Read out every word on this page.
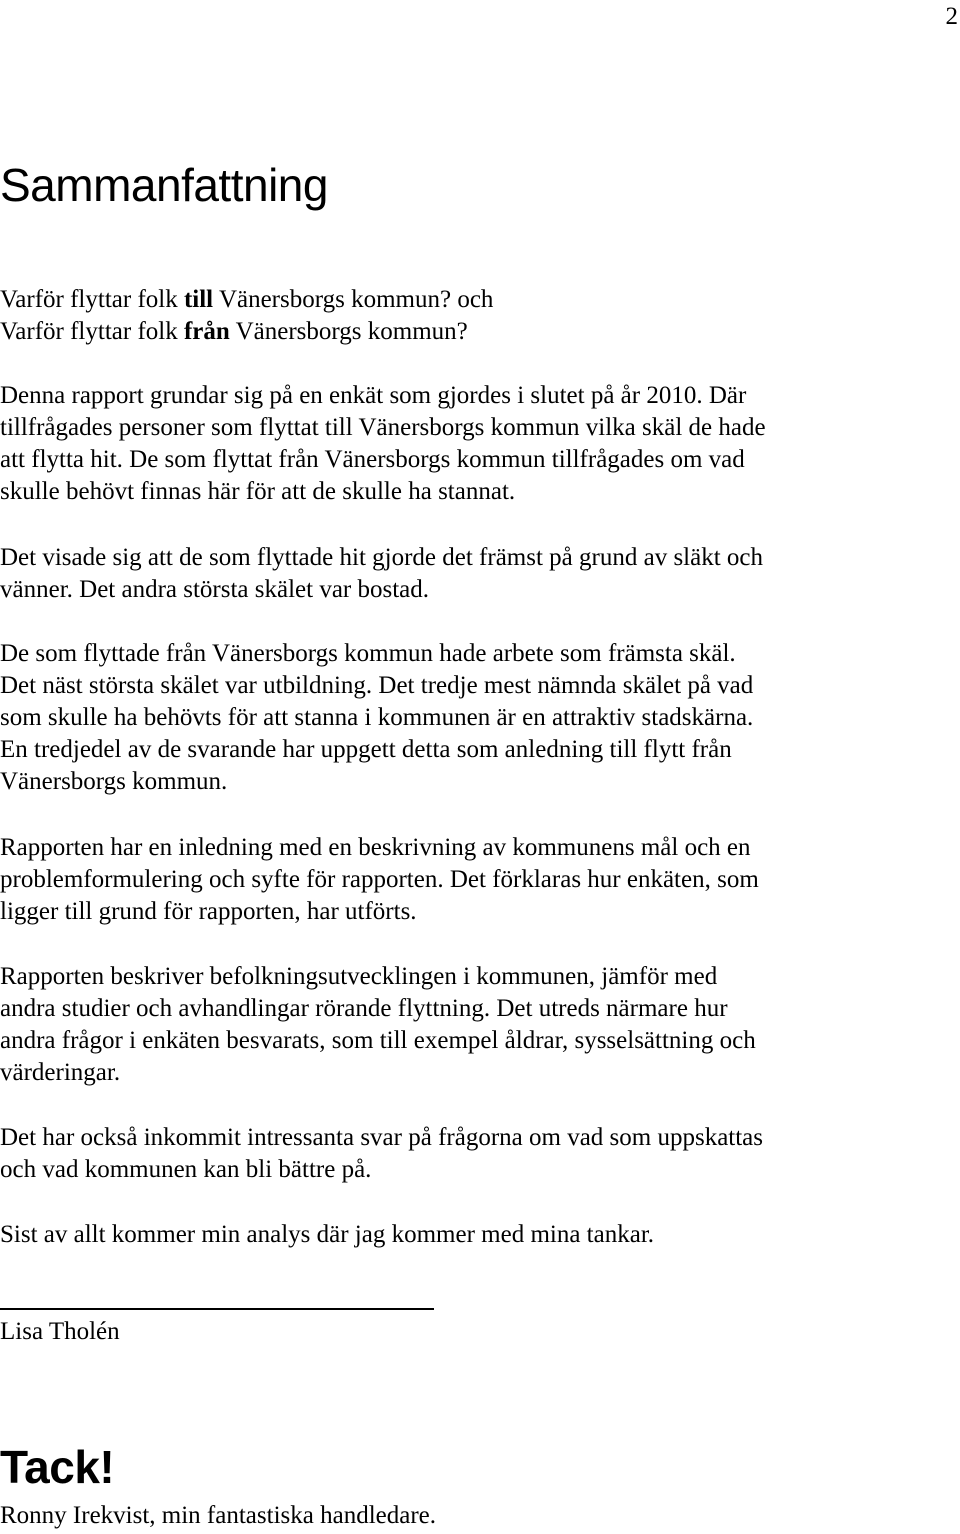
2
Sammanfattning
Varför flyttar folk till Vänersborgs kommun? och
Varför flyttar folk från Vänersborgs kommun?
Denna rapport grundar sig på en enkät som gjordes i slutet på år 2010. Där
tillfrågades personer som flyttat till Vänersborgs kommun vilka skäl de hade
att flytta hit. De som flyttat från Vänersborgs kommun tillfrågades om vad
skulle behövt finnas här för att de skulle ha stannat.
Det visade sig att de som flyttade hit gjorde det främst på grund av släkt och
vänner. Det andra största skälet var bostad.
De som flyttade från Vänersborgs kommun hade arbete som främsta skäl.
Det näst största skälet var utbildning. Det tredje mest nämnda skälet på vad
som skulle ha behövts för att stanna i kommunen är en attraktiv stadskärna.
En tredjedel av de svarande har uppgett detta som anledning till flytt från
Vänersborgs kommun.
Rapporten har en inledning med en beskrivning av kommunens mål och en
problemformulering och syfte för rapporten. Det förklaras hur enkäten, som
ligger till grund för rapporten, har utförts.
Rapporten beskriver befolkningsutvecklingen i kommunen, jämför med
andra studier och avhandlingar rörande flyttning. Det utreds närmare hur
andra frågor i enkäten besvarats, som till exempel åldrar, sysselsättning och
värderingar.
Det har också inkommit intressanta svar på frågorna om vad som uppskattas
och vad kommunen kan bli bättre på.
Sist av allt kommer min analys där jag kommer med mina tankar.
Lisa Tholén
Tack!
Ronny Irekvist, min fantastiska handledare.
